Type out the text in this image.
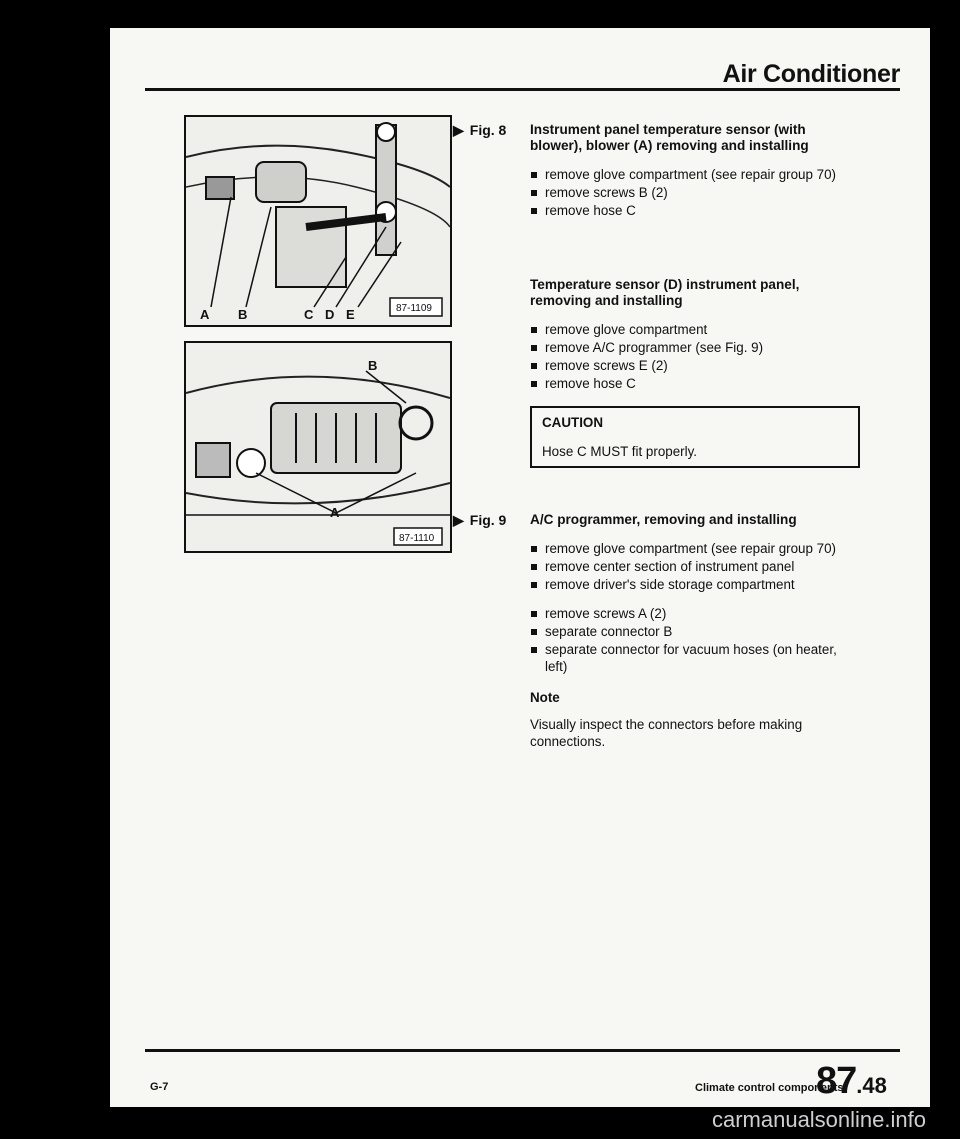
Air Conditioner
A B	C D E	87-1109
▶ Fig. 8
B
A
87-1110
▶ Fig. 9

Instrument panel temperature sensor (with blower), blower (A) removing and installing

remove glove compartment (see repair group 70)
remove screws B (2)
remove hose C

Temperature sensor (D) instrument panel, removing and installing

remove glove compartment
remove A/C programmer (see Fig. 9)
remove screws E (2)
remove hose C
CAUTION
Hose C MUST fit properly.

A/C programmer, removing and installing

remove glove compartment (see repair group 70)
remove center section of instrument panel
remove driver's side storage compartment
remove screws A (2)
separate connector B
separate connector for vacuum hoses (on heater, left)
Note
Visually inspect the connectors before making connections.
G-7	Climate control components
87.48
carmanualsonline.info
